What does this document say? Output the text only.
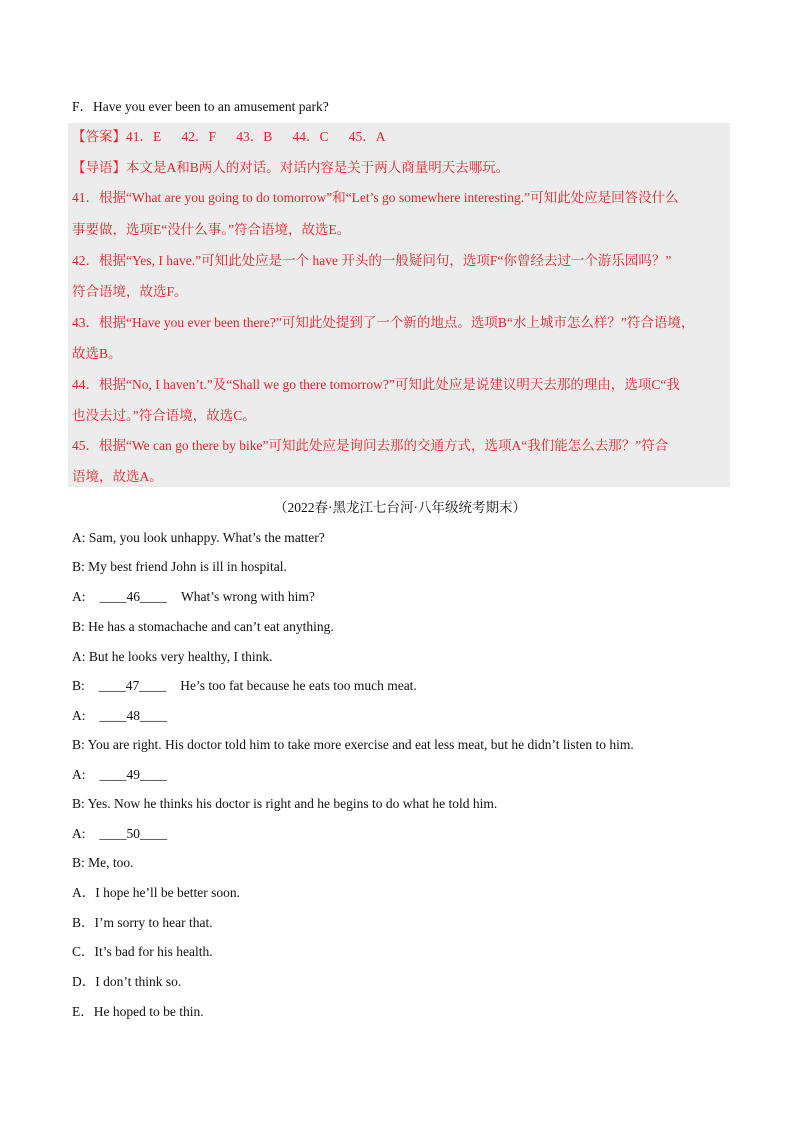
F．Have you ever been to an amusement park?
【答案】41．E      42．F      43．B      44．C      45．A
【导语】本文是A和B两人的对话。对话内容是关于两人商量明天去哪玩。
41．根据“What are you going to do tomorrow”和“Let’s go somewhere interesting.”可知此处应是回答没什么
事要做，选项E“没什么事。”符合语境，故选E。
42．根据“Yes, I have.”可知此处应是一个 have 开头的一般疑问句，选项F“你曾经去过一个游乐园吗？”
符合语境，故选F。
43．根据“Have you ever been there?”可知此处提到了一个新的地点。选项B“水上城市怎么样？”符合语境，
故选B。
44．根据“No, I haven’t.”及“Shall we go there tomorrow?”可知此处应是说建议明天去那的理由，选项C“我
也没去过。”符合语境，故选C。
45．根据“We can go there by bike”可知此处应是询问去那的交通方式，选项A“我们能怎么去那？”符合
语境，故选A。
（2022春·黑龙江七台河·八年级统考期末）
A: Sam, you look unhappy. What’s the matter?
B: My best friend John is ill in hospital.
A: ____46____ What’s wrong with him?
B: He has a stomachache and can’t eat anything.
A: But he looks very healthy, I think.
B: ____47____ He’s too fat because he eats too much meat.
A: ____48____
B: You are right. His doctor told him to take more exercise and eat less meat, but he didn’t listen to him.
A: ____49____
B: Yes. Now he thinks his doctor is right and he begins to do what he told him.
A: ____50____
B: Me, too.
A．I hope he’ll be better soon.
B．I’m sorry to hear that.
C．It’s bad for his health.
D．I don’t think so.
E．He hoped to be thin.
